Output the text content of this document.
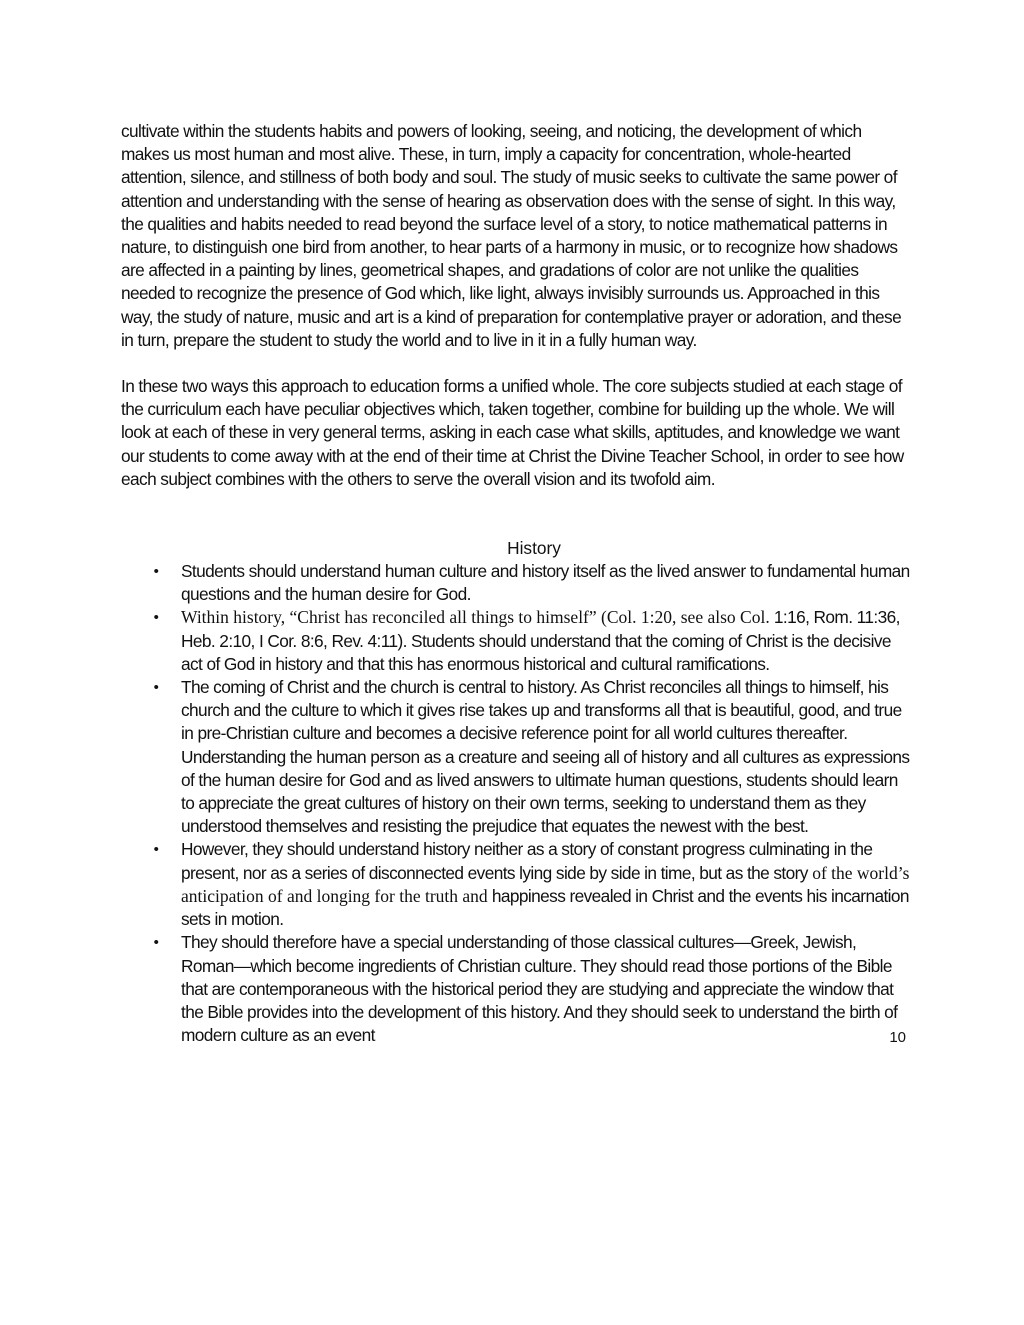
cultivate within the students habits and powers of looking, seeing, and noticing, the development of which makes us most human and most alive. These, in turn, imply a capacity for concentration, whole-hearted attention, silence, and stillness of both body and soul. The study of music seeks to cultivate the same power of attention and understanding with the sense of hearing as observation does with the sense of sight. In this way, the qualities and habits needed to read beyond the surface level of a story, to notice mathematical patterns in nature, to distinguish one bird from another, to hear parts of a harmony in music, or to recognize how shadows are affected in a painting by lines, geometrical shapes, and gradations of color are not unlike the qualities needed to recognize the presence of God which, like light, always invisibly surrounds us. Approached in this way, the study of nature, music and art is a kind of preparation for contemplative prayer or adoration, and these in turn, prepare the student to study the world and to live in it in a fully human way.

In these two ways this approach to education forms a unified whole. The core subjects studied at each stage of the curriculum each have peculiar objectives which, taken together, combine for building up the whole. We will look at each of these in very general terms, asking in each case what skills, aptitudes, and knowledge we want our students to come away with at the end of their time at Christ the Divine Teacher School, in order to see how each subject combines with the others to serve the overall vision and its twofold aim.

History
• Students should understand human culture and history itself as the lived answer to fundamental human questions and the human desire for God.
• Within history, “Christ has reconciled all things to himself” (Col. 1:20, see also Col. 1:16, Rom. 11:36, Heb. 2:10, I Cor. 8:6, Rev. 4:11). Students should understand that the coming of Christ is the decisive act of God in history and that this has enormous historical and cultural ramifications.
• The coming of Christ and the church is central to history. As Christ reconciles all things to himself, his church and the culture to which it gives rise takes up and transforms all that is beautiful, good, and true in pre-Christian culture and becomes a decisive reference point for all world cultures thereafter. Understanding the human person as a creature and seeing all of history and all cultures as expressions of the human desire for God and as lived answers to ultimate human questions, students should learn to appreciate the great cultures of history on their own terms, seeking to understand them as they understood themselves and resisting the prejudice that equates the newest with the best.
• However, they should understand history neither as a story of constant progress culminating in the present, nor as a series of disconnected events lying side by side in time, but as the story of the world’s anticipation of and longing for the truth and happiness revealed in Christ and the events his incarnation sets in motion.
• They should therefore have a special understanding of those classical cultures—Greek, Jewish, Roman—which become ingredients of Christian culture. They should read those portions of the Bible that are contemporaneous with the historical period they are studying and appreciate the window that the Bible provides into the development of this history. And they should seek to understand the birth of modern culture as an event	10
